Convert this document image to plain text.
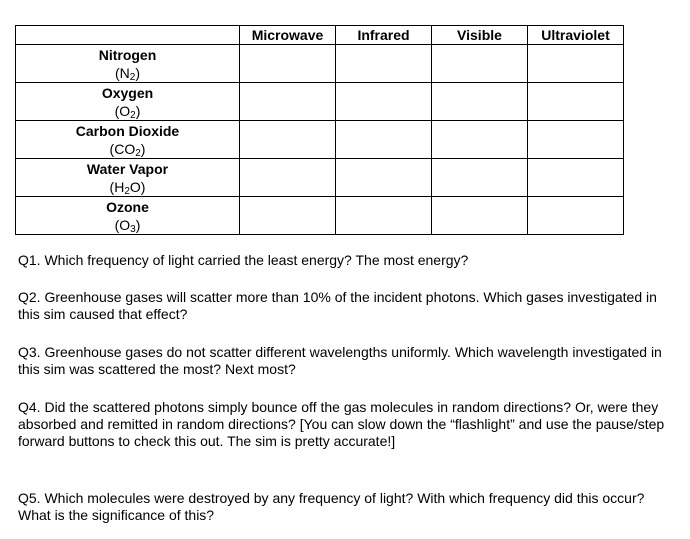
	Microwave	Infrared	Visible	Ultraviolet

Nitrogen
$(N_2)$				

Oxygen
$(O_2)$				

Carbon Dioxide
$(CO_2)$				

Water Vapor
$(H_2O)$				

Ozone
$(O_3)$				

Q1. Which frequency of light carried the least energy? The most energy?

Q2. Greenhouse gases will scatter more than 10% of the incident photons. Which gases investigated in this sim caused that effect?

Q3. Greenhouse gases do not scatter different wavelengths uniformly. Which wavelength investigated in this sim was scattered the most? Next most?

Q4. Did the scattered photons simply bounce off the gas molecules in random directions? Or, were they absorbed and remitted in random directions? [You can slow down the “flashlight” and use the pause/step forward buttons to check this out. The sim is pretty accurate!]

Q5. Which molecules were destroyed by any frequency of light? With which frequency did this occur? What is the significance of this?
